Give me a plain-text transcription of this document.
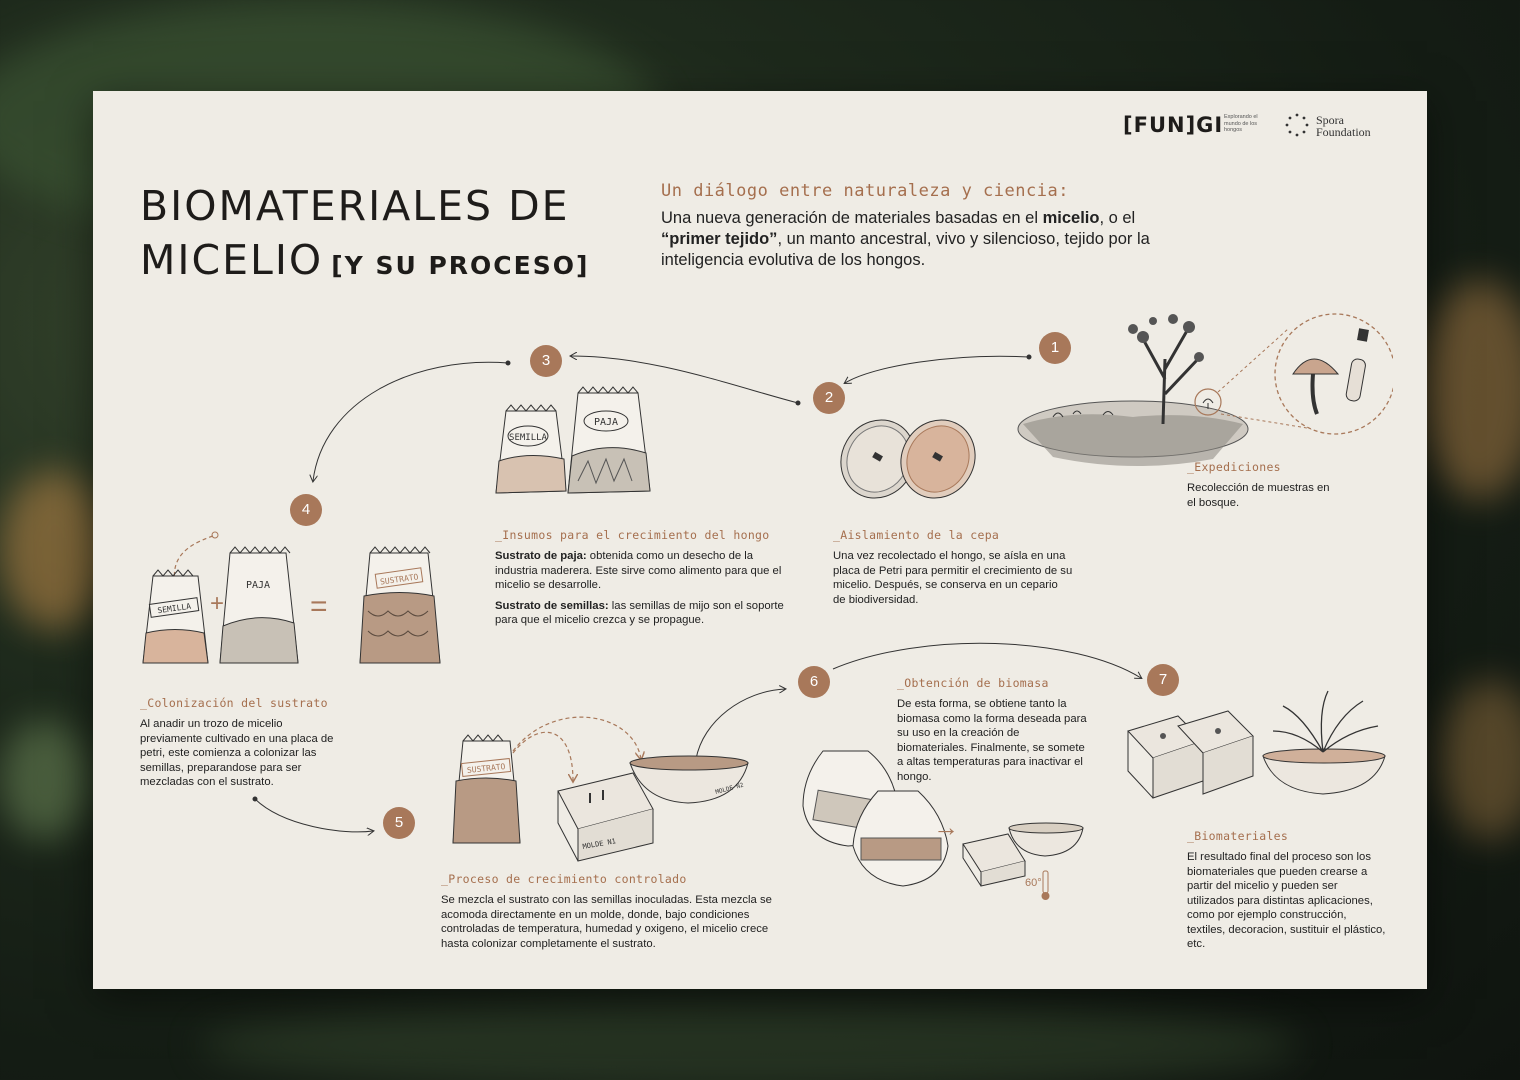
[FUN]GI Explorando el mundo de los hongos
Spora
Foundation
BIOMATERIALES DE
MICELIO [Y SU PROCESO]
Un diálogo entre naturaleza y ciencia:
Una nueva generación de materiales basadas en el micelio, o el “primer tejido”, un manto ancestral, vivo y silencioso, tejido por la inteligencia evolutiva de los hongos.
1
2
3
4
5
6	7
SEMILLA
PAJA
SEMILLA +
PAJA
=
SUSTRATO
SUSTRATO
MOLDE N1
MOLDE N2
→
60°
_Expediciones
Recolección de muestras en el bosque.
_Aislamiento de la cepa
Una vez recolectado el hongo, se aísla en una placa de Petri para permitir el crecimiento de su micelio. Después, se conserva en un cepario de biodiversidad.
_Insumos para el crecimiento del hongo
Sustrato de paja: obtenida como un desecho de la industria maderera. Este sirve como alimento para que el micelio se desarrolle.
Sustrato de semillas: las semillas de mijo son el soporte para que el micelio crezca y se propague.
_Colonización del sustrato
Al anadir un trozo de micelio previamente cultivado en una placa de petri, este comienza a colonizar las semillas, preparandose para ser mezcladas con el sustrato.
_Proceso de crecimiento controlado
Se mezcla el sustrato con las semillas inoculadas. Esta mezcla se acomoda directamente en un molde, donde, bajo condiciones controladas de temperatura, humedad y oxigeno, el micelio crece hasta colonizar completamente el sustrato.
_Obtención de biomasa
De esta forma, se obtiene tanto la biomasa como la forma deseada para su uso en la creación de biomateriales. Finalmente, se somete a altas temperaturas para inactivar el hongo.
_Biomateriales
El resultado final del proceso son los biomateriales que pueden crearse a partir del micelio y pueden ser utilizados para distintas aplicaciones, como por ejemplo construcción, textiles, decoracion, sustituir el plástico, etc.
